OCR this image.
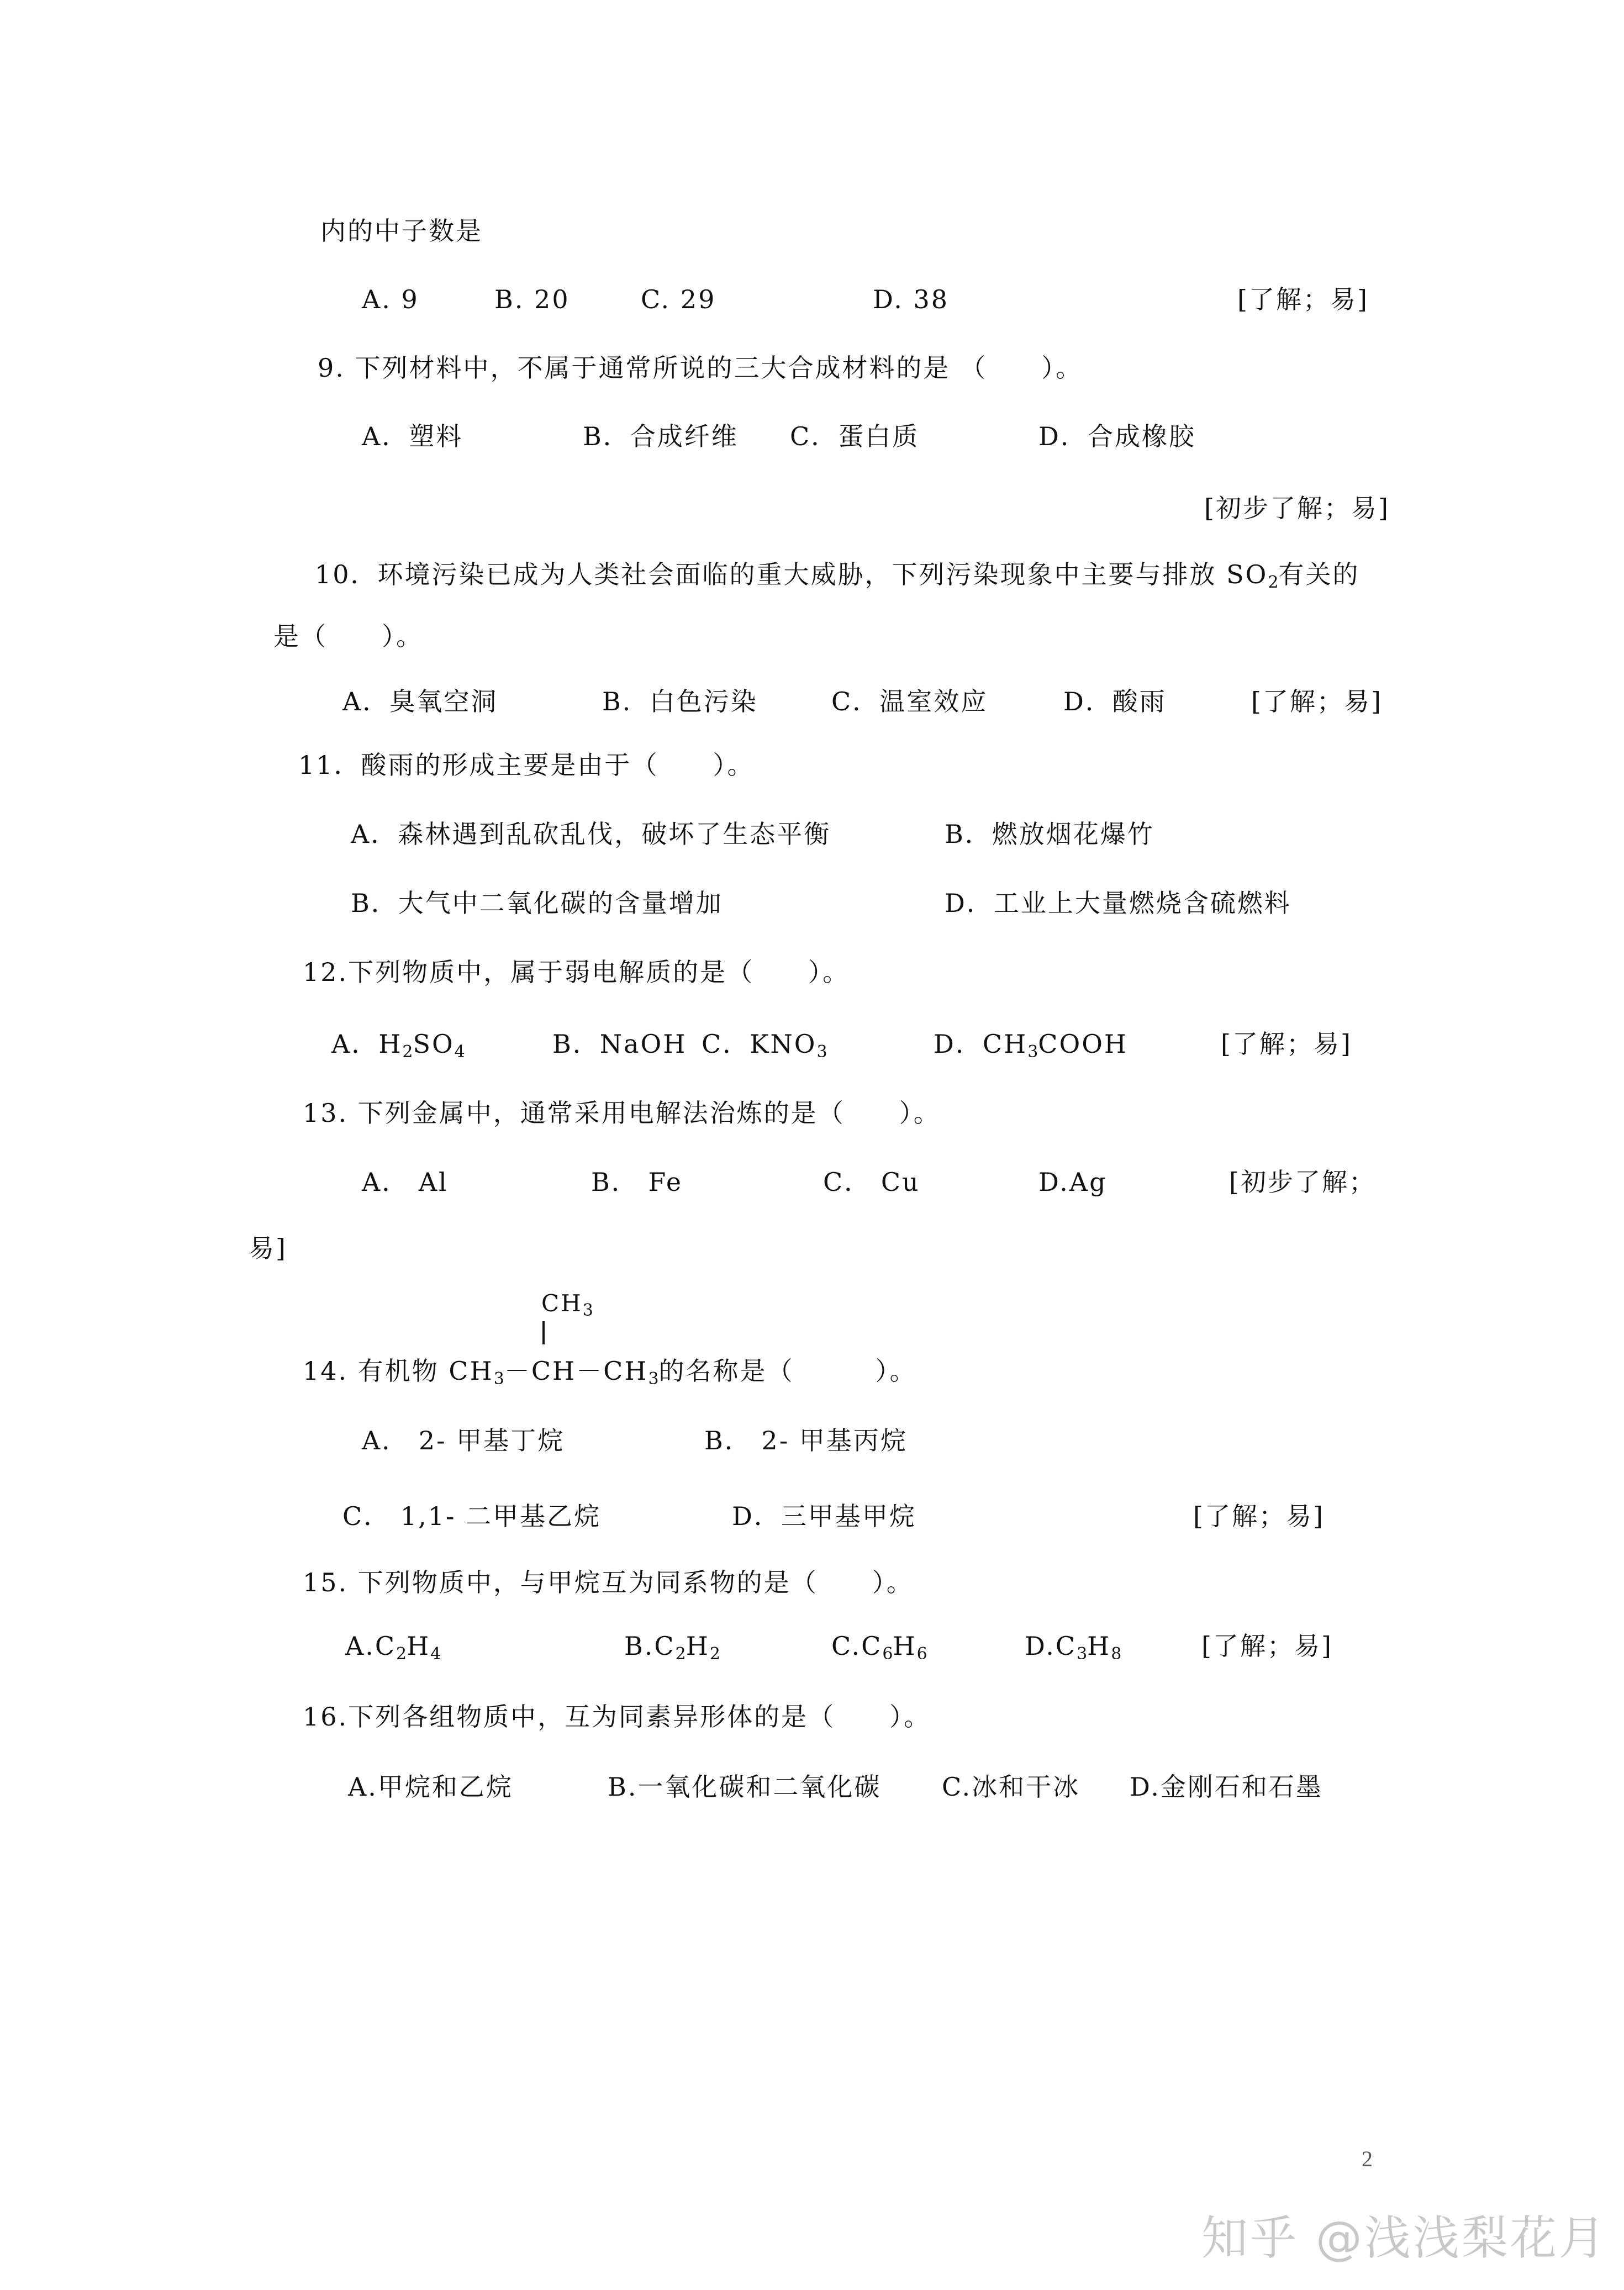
内的中子数是
A. 9	B. 20	C. 29	D. 38	[了解；易]
9. 下列材料中，不属于通常所说的三大合成材料的是 （　　）。
A．塑料	B．合成纤维 C．蛋白质	D．合成橡胶
[初步了解；易]
10．环境污染已成为人类社会面临的重大威胁，下列污染现象中主要与排放 $SO_2$有关的
是（　　）。
A．臭氧空洞	B．白色污染	C．温室效应	D．酸雨	[了解；易]
11．酸雨的形成主要是由于（　　）。
A．森林遇到乱砍乱伐，破坏了生态平衡	B．燃放烟花爆竹
B．大气中二氧化碳的含量增加	D．工业上大量燃烧含硫燃料
12.下列物质中，属于弱电解质的是（　　）。
A．$H_2SO_4$	B．NaOH C．$KNO_3$	D．$CH_3COOH$	[了解；易]
13. 下列金属中，通常采用电解法治炼的是（　　）。
A． Al	B． Fe	C． Cu	D.Ag	[初步了解；
易]
$CH_3$
14. 有机物 $CH_3-CH-CH_3$的名称是（　　　）。
A． 2- 甲基丁烷	B． 2- 甲基丙烷
C． 1,1- 二甲基乙烷	D．三甲基甲烷	[了解；易]
15. 下列物质中，与甲烷互为同系物的是（　　）。
$A.C_2H_4$	$B.C_2H_2$	$C.C_6H_6$	$D.C_3H_8$	[了解；易]
16.下列各组物质中，互为同素异形体的是（　　）。
A.甲烷和乙烷	B.一氧化碳和二氧化碳 C.冰和干冰 D.金刚石和石墨
2
知乎 @浅浅梨花月
